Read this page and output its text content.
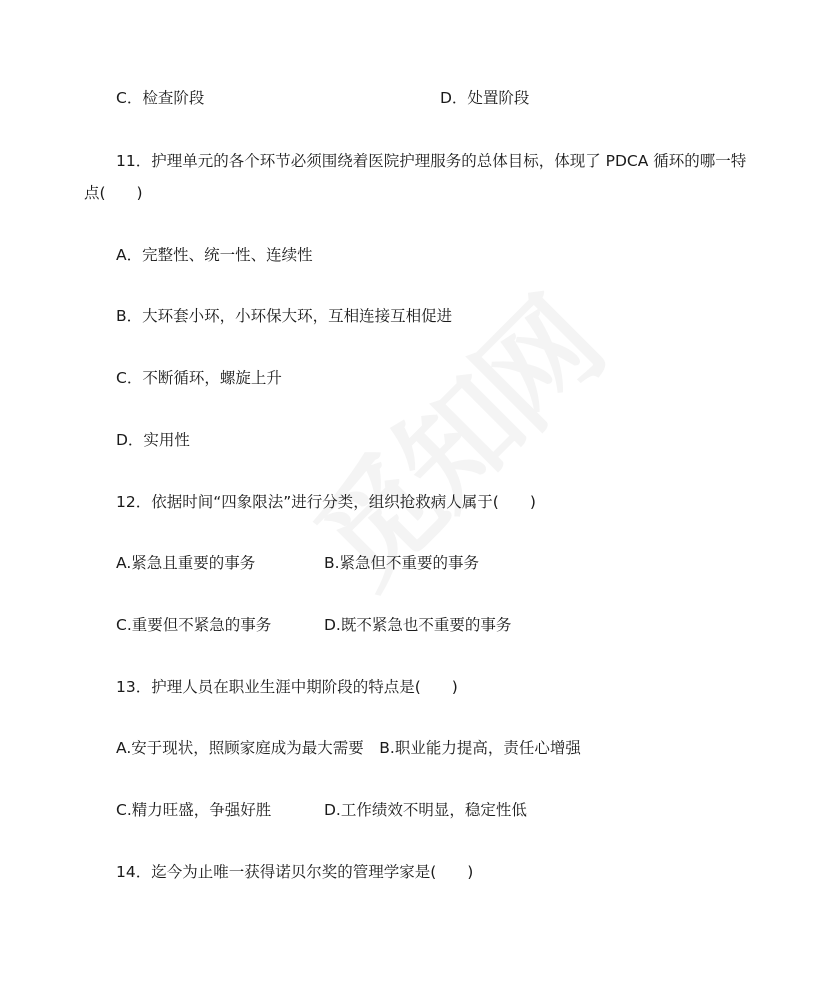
C．检查阶段	D．处置阶段
11．护理单元的各个环节必须围绕着医院护理服务的总体目标，体现了 PDCA 循环的哪一特
点(　　)
A．完整性、统一性、连续性
B．大环套小环，小环保大环，互相连接互相促进
C．不断循环，螺旋上升
D．实用性
12．依据时间“四象限法”进行分类，组织抢救病人属于(　　)
A.紧急且重要的事务	B.紧急但不重要的事务
C.重要但不紧急的事务	D.既不紧急也不重要的事务
13．护理人员在职业生涯中期阶段的特点是(　　)
A.安于现状，照顾家庭成为最大需要　B.职业能力提高，责任心增强
C.精力旺盛，争强好胜	D.工作绩效不明显，稳定性低
14．迄今为止唯一获得诺贝尔奖的管理学家是(　　)
